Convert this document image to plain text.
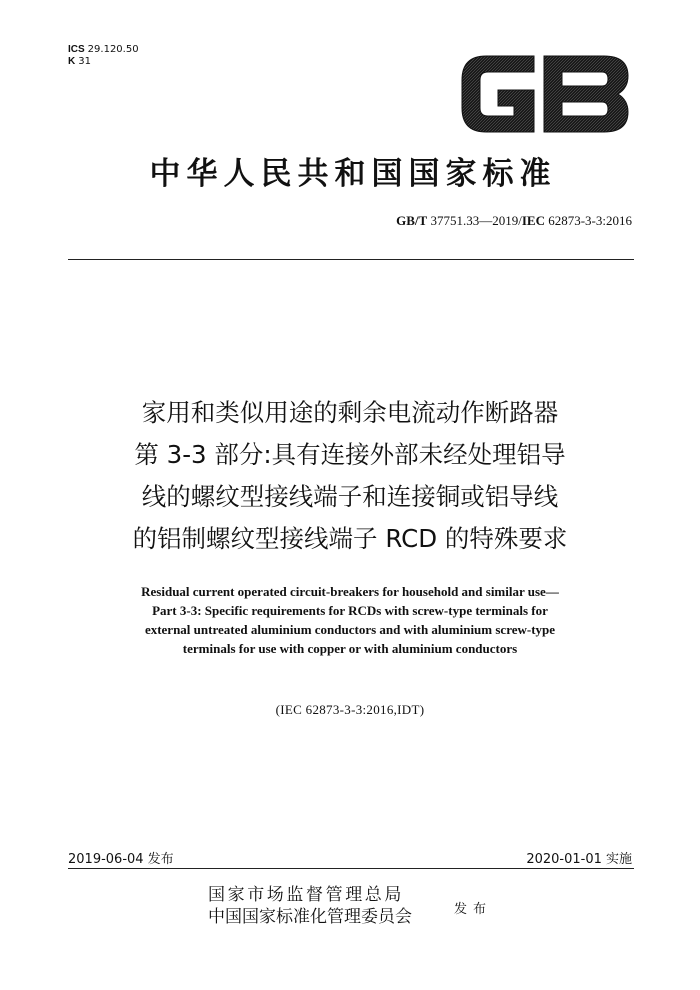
ICS 29.120.50
K 31
中华人民共和国国家标准
GB/T 37751.33—2019/IEC 62873-3-3:2016
家用和类似用途的剩余电流动作断路器
第 3-3 部分:具有连接外部未经处理铝导
线的螺纹型接线端子和连接铜或铝导线
的铝制螺纹型接线端子 RCD 的特殊要求
Residual current operated circuit-breakers for household and similar use—
Part 3-3: Specific requirements for RCDs with screw-type terminals for
external untreated aluminium conductors and with aluminium screw-type
terminals for use with copper or with aluminium conductors
(IEC 62873-3-3:2016,IDT)
2019-06-04 发布	2020-01-01 实施
国家市场监督管理总局
中国国家标准化管理委员会	发布
